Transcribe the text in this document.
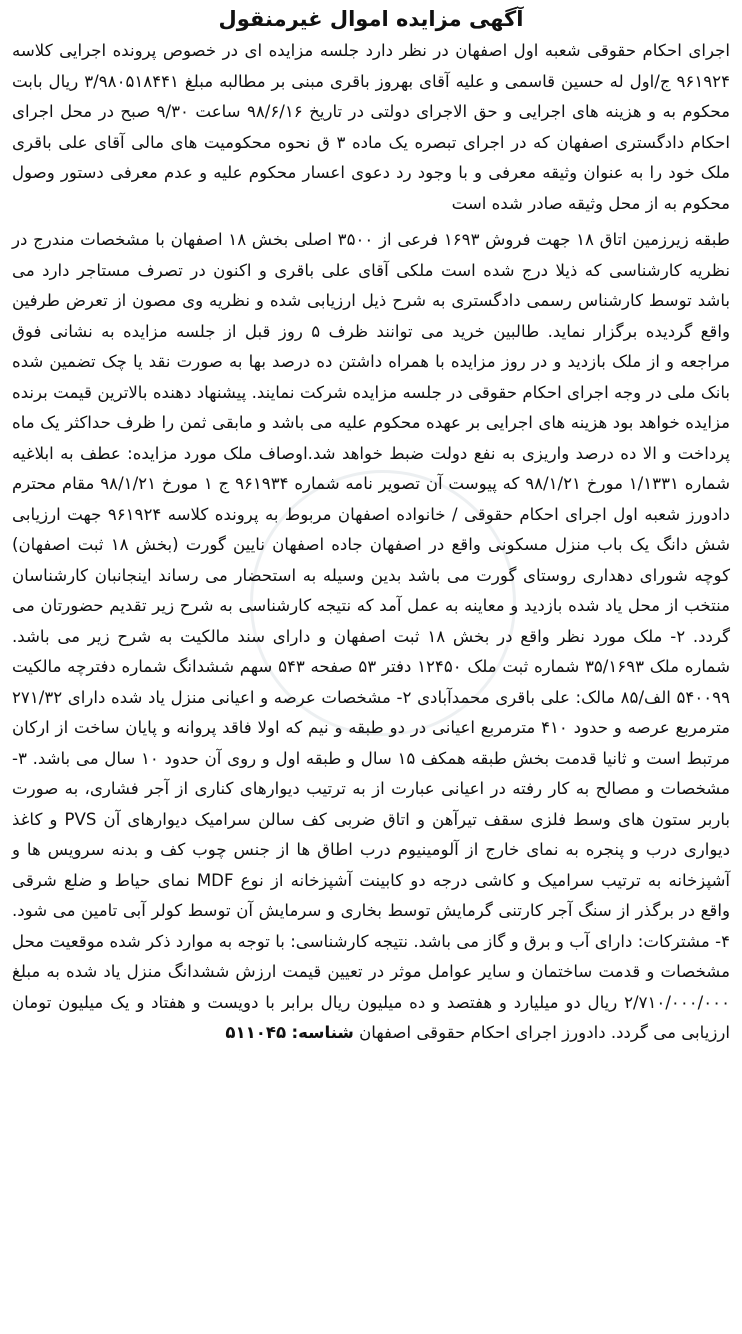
آگهی مزایده اموال غیرمنقول

اجرای احکام حقوقی شعبه اول اصفهان در نظر دارد جلسه مزایده ای در خصوص پرونده اجرایی کلاسه ۹۶۱۹۲۴ ج/اول له حسین قاسمی و علیه آقای بهروز باقری مبنی بر مطالبه مبلغ ۳/۹۸۰۵۱۸۴۴۱ ریال بابت محکوم به و هزینه های اجرایی و حق الاجرای دولتی در تاریخ ۹۸/۶/۱۶ ساعت ۹/۳۰ صبح در محل اجرای احکام دادگستری اصفهان که در اجرای تبصره یک ماده ۳ ق نحوه محکومیت های مالی آقای علی باقری ملک خود را به عنوان وثیقه معرفی و با وجود رد دعوی اعسار محکوم علیه و عدم معرفی دستور وصول محکوم به از محل وثیقه صادر شده است

طبقه زیرزمین اتاق ۱۸ جهت فروش ۱۶۹۳ فرعی از ۳۵۰۰ اصلی بخش ۱۸ اصفهان با مشخصات مندرج در نظریه کارشناسی که ذیلا درج شده است ملکی آقای علی باقری و اکنون در تصرف مستاجر دارد می باشد توسط کارشناس رسمی دادگستری به شرح ذیل ارزیابی شده و نظریه وی مصون از تعرض طرفین واقع گردیده برگزار نماید. طالبین خرید می توانند ظرف ۵ روز قبل از جلسه مزایده به نشانی فوق مراجعه و از ملک بازدید و در روز مزایده با همراه داشتن ده درصد بها به صورت نقد یا چک تضمین شده بانک ملی در وجه اجرای احکام حقوقی در جلسه مزایده شرکت نمایند. پیشنهاد دهنده بالاترین قیمت برنده مزایده خواهد بود هزینه های اجرایی بر عهده محکوم علیه می باشد و مابقی ثمن را ظرف حداکثر یک ماه پرداخت و الا ده درصد واریزی به نفع دولت ضبط خواهد شد.اوصاف ملک مورد مزایده: عطف به ابلاغیه شماره ۱/۱۳۳۱ مورخ ۹۸/۱/۲۱ که پیوست آن تصویر نامه شماره ۹۶۱۹۳۴ ج ۱ مورخ ۹۸/۱/۲۱ مقام محترم دادورز شعبه اول اجرای احکام حقوقی / خانواده اصفهان مربوط به پرونده کلاسه ۹۶۱۹۲۴ جهت ارزیابی شش دانگ یک باب منزل مسکونی واقع در اصفهان جاده اصفهان نایین گورت (بخش ۱۸ ثبت اصفهان) کوچه شورای دهداری روستای گورت می باشد بدین وسیله به استحضار می رساند اینجانبان کارشناسان منتخب از محل یاد شده بازدید و معاینه به عمل آمد که نتیجه کارشناسی به شرح زیر تقدیم حضورتان می گردد. ۲- ملک مورد نظر واقع در بخش ۱۸ ثبت اصفهان و دارای سند مالکیت به شرح زیر می باشد. شماره ملک ۳۵/۱۶۹۳ شماره ثبت ملک ۱۲۴۵۰ دفتر ۵۳ صفحه ۵۴۳ سهم ششدانگ شماره دفترچه مالکیت ۵۴۰۰۹۹ الف/۸۵ مالک: علی باقری محمدآبادی ۲- مشخصات عرصه و اعیانی منزل یاد شده دارای ۲۷۱/۳۲ مترمربع عرصه و حدود ۴۱۰ مترمربع اعیانی در دو طبقه و نیم که اولا فاقد پروانه و پایان ساخت از ارکان مرتبط است و ثانیا قدمت بخش طبقه همکف ۱۵ سال و طبقه اول و روی آن حدود ۱۰ سال می باشد. ۳- مشخصات و مصالح به کار رفته در اعیانی عبارت از به ترتیب دیوارهای کناری از آجر فشاری، به صورت باربر ستون های وسط فلزی سقف تیرآهن و اتاق ضربی کف سالن سرامیک دیوارهای آن PVS و کاغذ دیواری درب و پنجره به نمای خارج از آلومینیوم درب اطاق ها از جنس چوب کف و بدنه سرویس ها و آشپزخانه به ترتیب سرامیک و کاشی درجه دو کابینت آشپزخانه از نوع MDF نمای حیاط و ضلع شرقی واقع در برگذر از سنگ آجر کارتنی گرمایش توسط بخاری و سرمایش آن توسط کولر آبی تامین می شود. ۴- مشترکات: دارای آب و برق و گاز می باشد. نتیجه کارشناسی: با توجه به موارد ذکر شده موقعیت محل مشخصات و قدمت ساختمان و سایر عوامل موثر در تعیین قیمت ارزش ششدانگ منزل یاد شده به مبلغ ۲/۷۱۰/۰۰۰/۰۰۰ ریال دو میلیارد و هفتصد و ده میلیون ریال برابر با دویست و هفتاد و یک میلیون تومان ارزیابی می گردد. دادورز اجرای احکام حقوقی اصفهان شناسه: ۵۱۱۰۴۵
